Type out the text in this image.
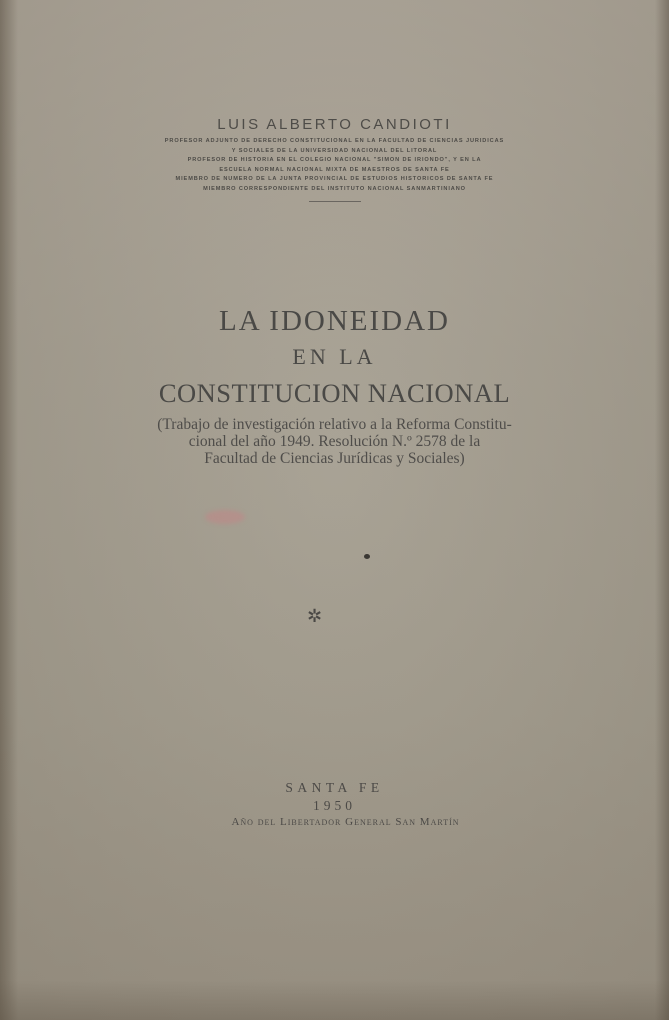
LUIS ALBERTO CANDIOTI
PROFESOR ADJUNTO DE DERECHO CONSTITUCIONAL EN LA FACULTAD DE CIENCIAS JURIDICAS
Y SOCIALES DE LA UNIVERSIDAD NACIONAL DEL LITORAL
PROFESOR DE HISTORIA EN EL COLEGIO NACIONAL "SIMON DE IRIONDO", Y EN LA
ESCUELA NORMAL NACIONAL MIXTA DE MAESTROS DE SANTA FE
MIEMBRO DE NUMERO DE LA JUNTA PROVINCIAL DE ESTUDIOS HISTORICOS DE SANTA FE
MIEMBRO CORRESPONDIENTE DEL INSTITUTO NACIONAL SANMARTINIANO
LA IDONEIDAD
EN LA
CONSTITUCION NACIONAL
(Trabajo de investigación relativo a la Reforma Constitu-
cional del año 1949. Resolución N.º 2578 de la
Facultad de Ciencias Jurídicas y Sociales)
✲
SANTA FE
1950
Año del Libertador General San Martín
